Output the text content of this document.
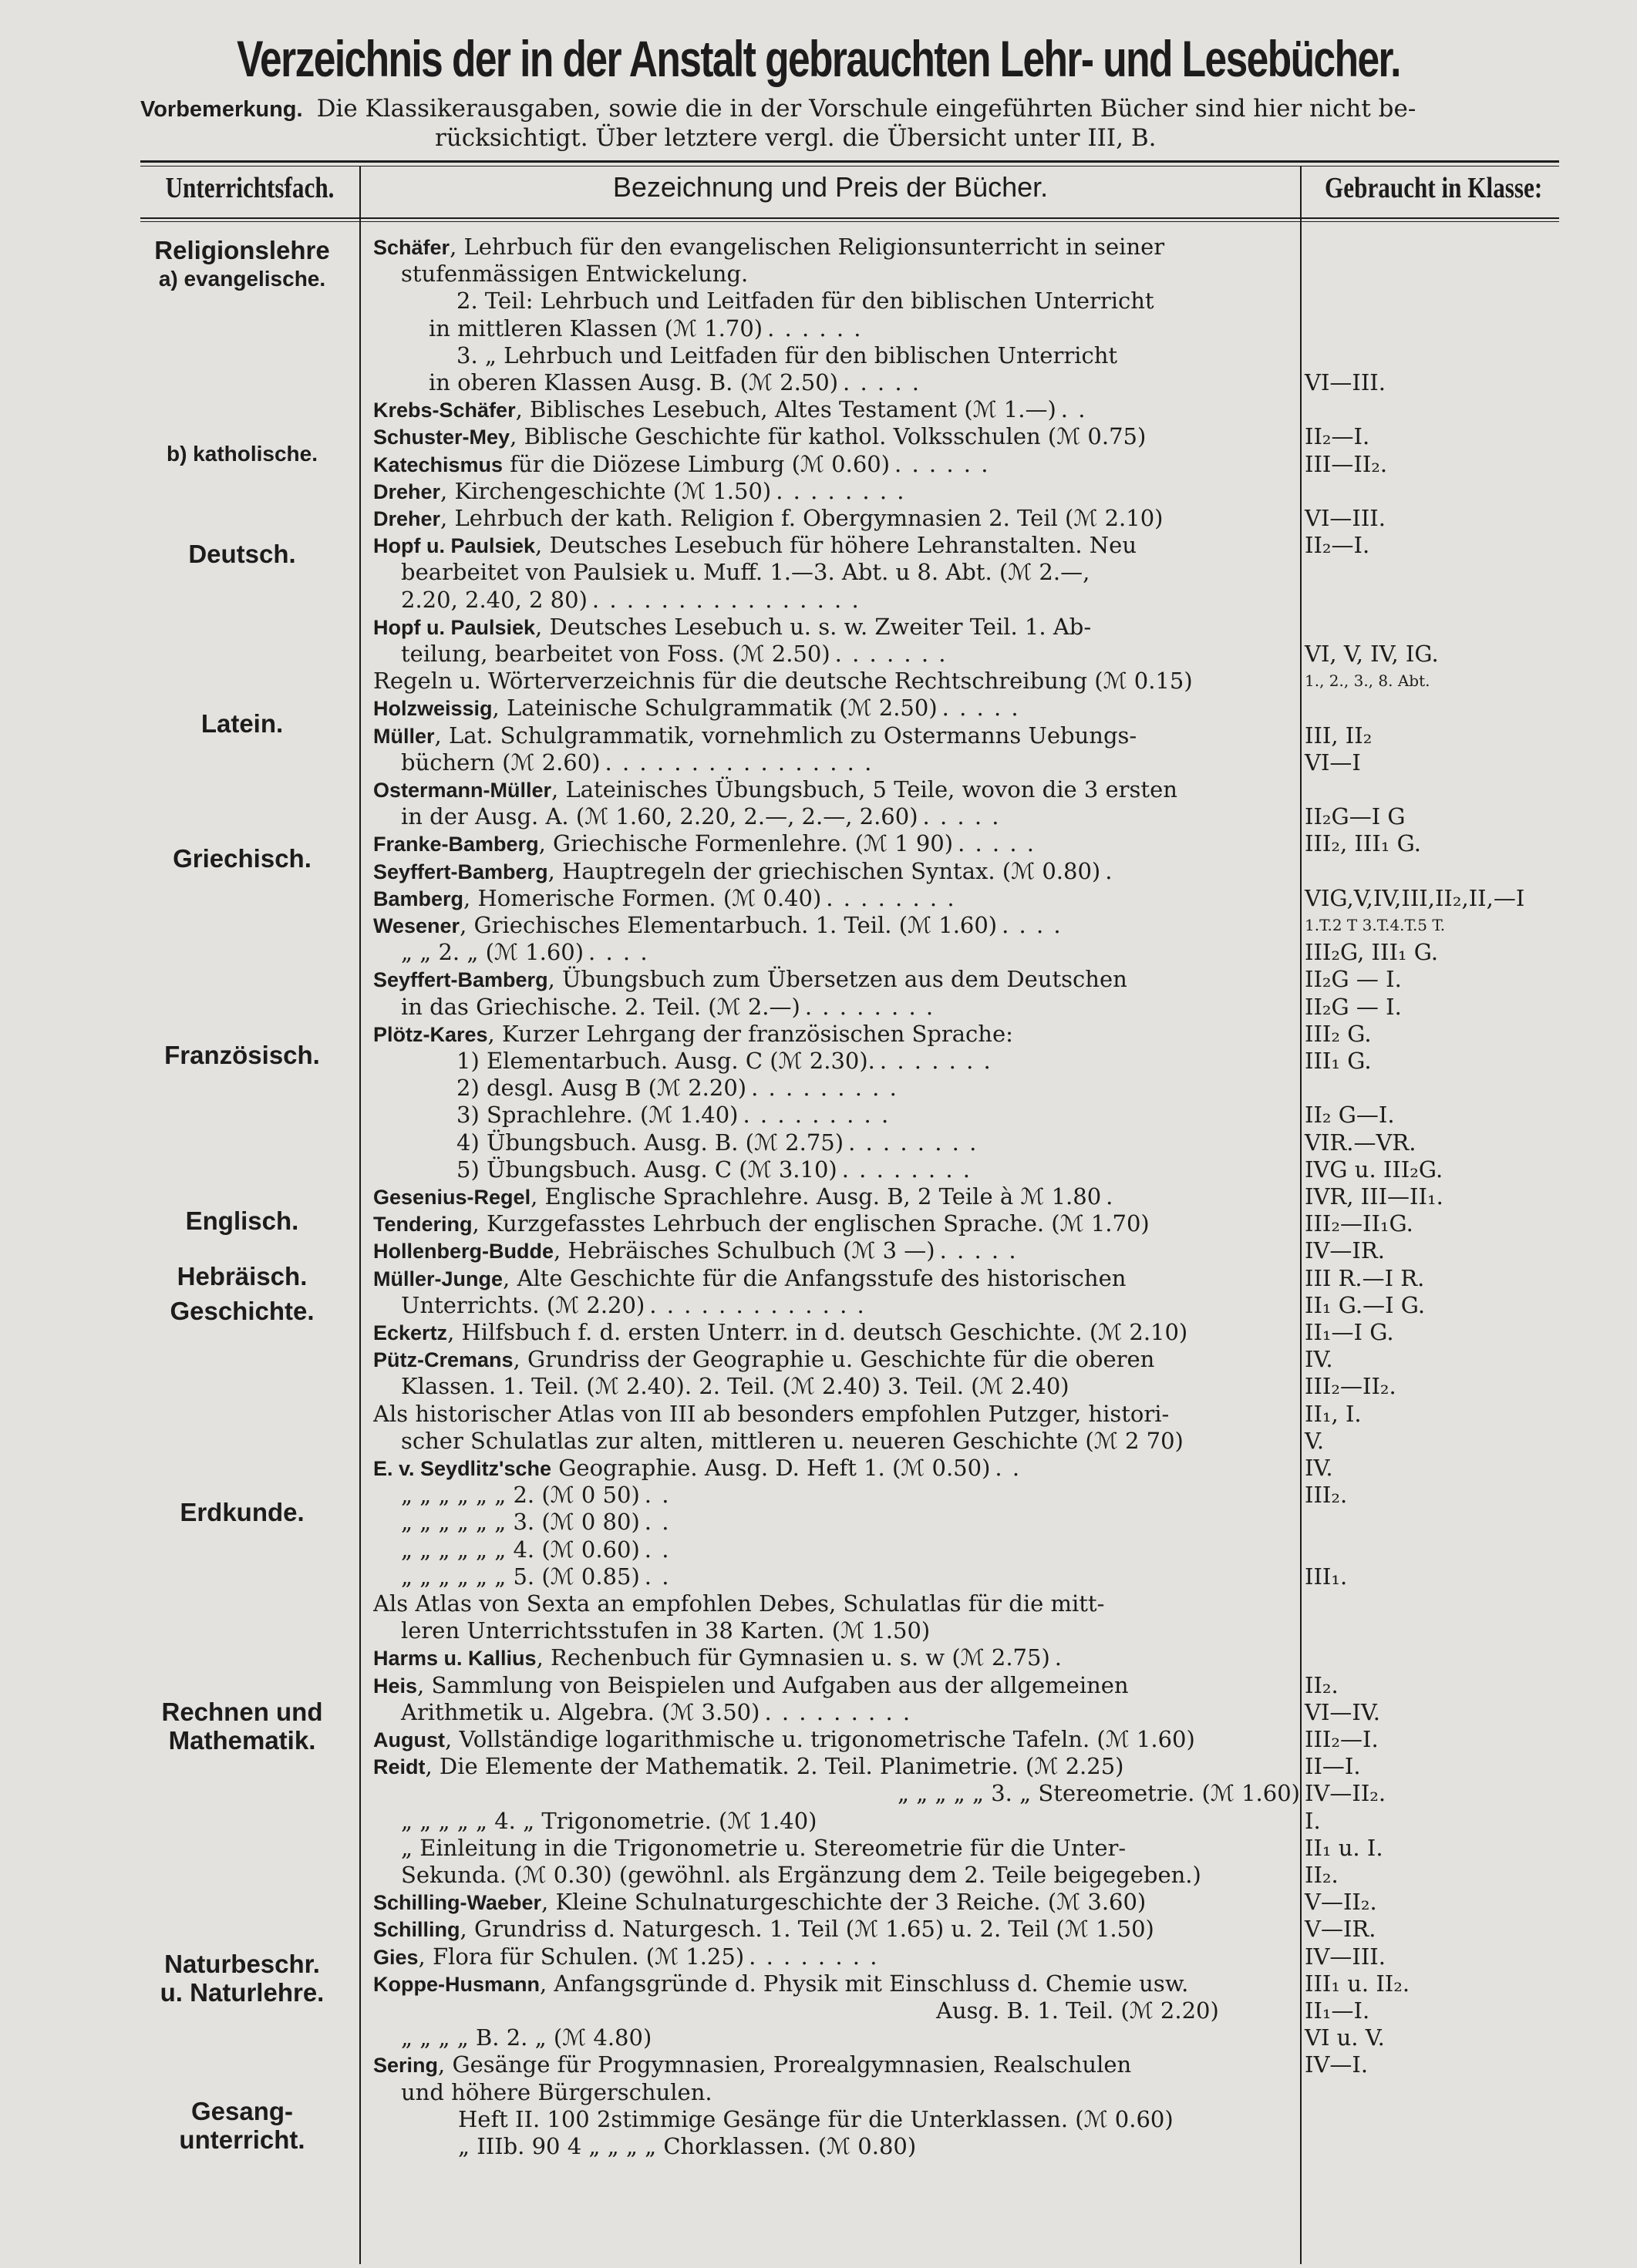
Verzeichnis der in der Anstalt gebrauchten Lehr- und Lesebücher.
Vorbemerkung. Die Klassikerausgaben, sowie die in der Vorschule eingeführten Bücher sind hier nicht be-
rücksichtigt. Über letztere vergl. die Übersicht unter III, B.
Unterrichtsfach.	Bezeichnung und Preis der Bücher.	Gebraucht in Klasse:
Religionslehre
a) evangelische.
b) katholische.
Deutsch.
Latein.
Griechisch.
Französisch.
Englisch.
Hebräisch.
Geschichte.
Erdkunde.
Rechnen und
Mathematik.
Naturbeschr.
u. Naturlehre.
Gesang-
unterricht.
Schäfer, Lehrbuch für den evangelischen Religionsunterricht in seiner
stufenmässigen Entwickelung.
2. Teil: Lehrbuch und Leitfaden für den biblischen Unterricht
in mittleren Klassen (ℳ 1.70) . . . . . .
3. „ Lehrbuch und Leitfaden für den biblischen Unterricht
in oberen Klassen Ausg. B. (ℳ 2.50) . . . . .
Krebs-Schäfer, Biblisches Lesebuch, Altes Testament (ℳ 1.—) . .
Schuster-Mey, Biblische Geschichte für kathol. Volksschulen (ℳ 0.75)
Katechismus für die Diözese Limburg (ℳ 0.60) . . . . . .
Dreher, Kirchengeschichte (ℳ 1.50) . . . . . . . .
Dreher, Lehrbuch der kath. Religion f. Obergymnasien 2. Teil (ℳ 2.10)
Hopf u. Paulsiek, Deutsches Lesebuch für höhere Lehranstalten. Neu
bearbeitet von Paulsiek u. Muff. 1.—3. Abt. u 8. Abt. (ℳ 2.—,
2.20, 2.40, 2 80) . . . . . . . . . . . . . . . .
Hopf u. Paulsiek, Deutsches Lesebuch u. s. w. Zweiter Teil. 1. Ab-
teilung, bearbeitet von Foss. (ℳ 2.50) . . . . . . .
Regeln u. Wörterverzeichnis für die deutsche Rechtschreibung (ℳ 0.15)
Holzweissig, Lateinische Schulgrammatik (ℳ 2.50) . . . . .
Müller, Lat. Schulgrammatik, vornehmlich zu Ostermanns Uebungs-
büchern (ℳ 2.60) . . . . . . . . . . . . . . . .
Ostermann-Müller, Lateinisches Übungsbuch, 5 Teile, wovon die 3 ersten
in der Ausg. A. (ℳ 1.60, 2.20, 2.—, 2.—, 2.60) . . . . .
Franke-Bamberg, Griechische Formenlehre. (ℳ 1 90) . . . . .
Seyffert-Bamberg, Hauptregeln der griechischen Syntax. (ℳ 0.80) .
Bamberg, Homerische Formen. (ℳ 0.40) . . . . . . . .
Wesener, Griechisches Elementarbuch. 1. Teil. (ℳ 1.60) . . . .
„ „ 2. „ (ℳ 1.60) . . . .
Seyffert-Bamberg, Übungsbuch zum Übersetzen aus dem Deutschen
in das Griechische. 2. Teil. (ℳ 2.—) . . . . . . . .
Plötz-Kares, Kurzer Lehrgang der französischen Sprache:
1) Elementarbuch. Ausg. C (ℳ 2.30). . . . . . . .
2) desgl. Ausg B (ℳ 2.20) . . . . . . . . .
3) Sprachlehre. (ℳ 1.40) . . . . . . . . .
4) Übungsbuch. Ausg. B. (ℳ 2.75) . . . . . . . .
5) Übungsbuch. Ausg. C (ℳ 3.10) . . . . . . . .
Gesenius-Regel, Englische Sprachlehre. Ausg. B, 2 Teile à ℳ 1.80 .
Tendering, Kurzgefasstes Lehrbuch der englischen Sprache. (ℳ 1.70)
Hollenberg-Budde, Hebräisches Schulbuch (ℳ 3 —) . . . . .
Müller-Junge, Alte Geschichte für die Anfangsstufe des historischen
Unterrichts. (ℳ 2.20) . . . . . . . . . . . . .
Eckertz, Hilfsbuch f. d. ersten Unterr. in d. deutsch Geschichte. (ℳ 2.10)
Pütz-Cremans, Grundriss der Geographie u. Geschichte für die oberen
Klassen. 1. Teil. (ℳ 2.40). 2. Teil. (ℳ 2.40) 3. Teil. (ℳ 2.40)
Als historischer Atlas von III ab besonders empfohlen Putzger, histori-
scher Schulatlas zur alten, mittleren u. neueren Geschichte (ℳ 2 70)
E. v. Seydlitz'sche Geographie. Ausg. D. Heft 1. (ℳ 0.50) . .
„ „ „ „ „ „ 2. (ℳ 0 50) . .
„ „ „ „ „ „ 3. (ℳ 0 80) . .
„ „ „ „ „ „ 4. (ℳ 0.60) . .
„ „ „ „ „ „ 5. (ℳ 0.85) . .
Als Atlas von Sexta an empfohlen Debes, Schulatlas für die mitt-
leren Unterrichtsstufen in 38 Karten. (ℳ 1.50)
Harms u. Kallius, Rechenbuch für Gymnasien u. s. w (ℳ 2.75) .
Heis, Sammlung von Beispielen und Aufgaben aus der allgemeinen
Arithmetik u. Algebra. (ℳ 3.50) . . . . . . . . .
August, Vollständige logarithmische u. trigonometrische Tafeln. (ℳ 1.60)
Reidt, Die Elemente der Mathematik. 2. Teil. Planimetrie. (ℳ 2.25)
„ „ „ „ „ 3. „ Stereometrie. (ℳ 1.60)
„ „ „ „ „ 4. „ Trigonometrie. (ℳ 1.40)
„ Einleitung in die Trigonometrie u. Stereometrie für die Unter-
Sekunda. (ℳ 0.30) (gewöhnl. als Ergänzung dem 2. Teile beigegeben.)
Schilling-Waeber, Kleine Schulnaturgeschichte der 3 Reiche. (ℳ 3.60)
Schilling, Grundriss d. Naturgesch. 1. Teil (ℳ 1.65) u. 2. Teil (ℳ 1.50)
Gies, Flora für Schulen. (ℳ 1.25) . . . . . . . .
Koppe-Husmann, Anfangsgründe d. Physik mit Einschluss d. Chemie usw.
Ausg. B. 1. Teil. (ℳ 2.20)
„ „ „ „ B. 2. „ (ℳ 4.80)
Sering, Gesänge für Progymnasien, Prorealgymnasien, Realschulen
und höhere Bürgerschulen.
Heft II. 100 2stimmige Gesänge für die Unterklassen. (ℳ 0.60)
„ IIIb. 90 4 „ „ „ „ Chorklassen. (ℳ 0.80)
VI—III.
II₂—I.
III—II₂.
VI—III.
II₂—I.
VI, V, IV, IG.
1., 2., 3., 8. Abt.
III, II₂
VI—I
II₂G—I G
III₂, III₁ G.
VIG,V,IV,III,II₂,II,—I
1.T.2 T 3.T.4.T.5 T.
III₂G, III₁ G.
II₂G — I.
II₂G — I.
III₂ G.
III₁ G.
II₂ G—I.
VIR.—VR.
IVG u. III₂G.
IVR, III—II₁.
III₂—II₁G.
IV—IR.
III R.—I R.
II₁ G.—I G.
II₁—I G.
IV.
III₂—II₂.
II₁, I.
V.
IV.
III₂.
III₁.
II₂.
VI—IV.
III₂—I.
II—I.
IV—II₂.
I.
II₁ u. I.
II₂.
V—II₂.
V—IR.
IV—III.
III₁ u. II₂.
II₁—I.
VI u. V.
IV—I.
